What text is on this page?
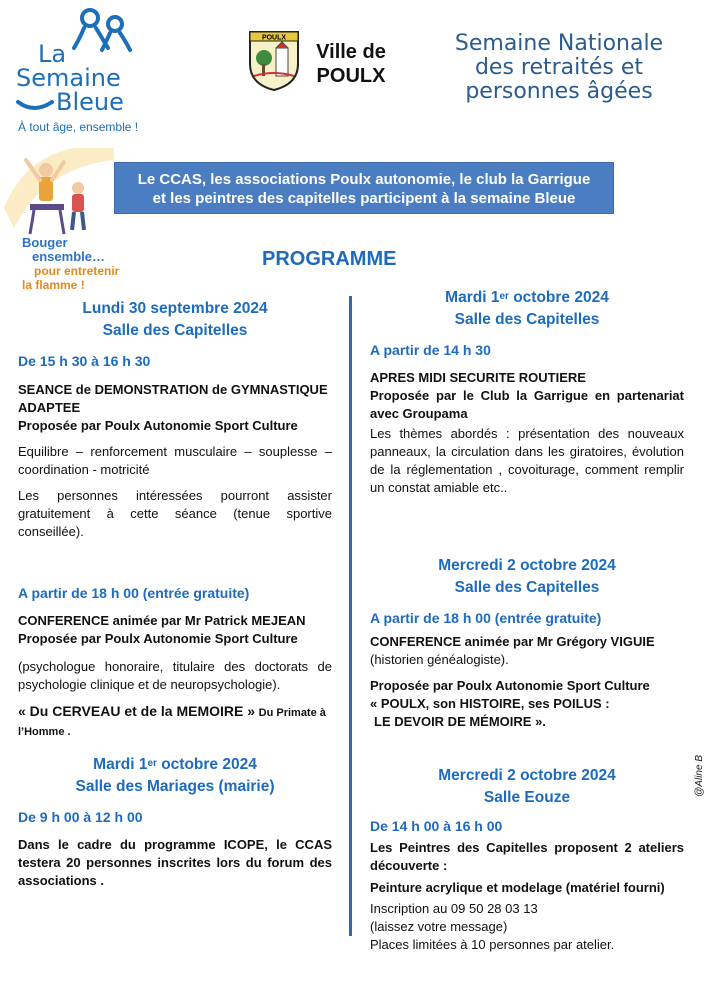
La
Semaine
Bleue
À tout âge, ensemble !
POULX
Ville de
POULX
Semaine Nationale
des retraités et
personnes âgées
Le CCAS, les associations Poulx autonomie, le club la Garrigue
et les peintres des capitelles participent à la semaine Bleue
Bouger
ensemble…
pour entretenir
la flamme !
PROGRAMME
Lundi 30 septembre 2024
Salle des Capitelles
De 15 h 30 à 16 h 30

SEANCE de DEMONSTRATION de GYMNASTIQUE ADAPTEE

Proposée par Poulx Autonomie Sport Culture

Equilibre – renforcement musculaire – souplesse – coordination - motricité

Les personnes intéressées pourront assister gratuitement à cette séance (tenue sportive conseillée).

A partir de 18 h 00 (entrée gratuite)

CONFERENCE animée par Mr Patrick MEJEAN

Proposée par Poulx Autonomie Sport Culture

(psychologue honoraire, titulaire des doctorats de psychologie clinique et de neuropsychologie).

« Du CERVEAU et de la MEMOIRE » Du Primate à l’Homme .

Mardi 1er octobre 2024
Salle des Mariages (mairie)
De 9 h 00 à 12 h 00

Dans le cadre du programme ICOPE, le CCAS testera 20 personnes inscrites lors du forum des associations .

Mardi 1er octobre 2024
Salle des Capitelles
A partir de 14 h 30

APRES MIDI SECURITE ROUTIERE

Proposée par le Club la Garrigue en partenariat avec Groupama

Les thèmes abordés : présentation des nouveaux panneaux, la circulation dans les giratoires, évolution de la réglementation , covoiturage, comment remplir un constat amiable etc..

Mercredi 2 octobre 2024
Salle des Capitelles
A partir de 18 h 00 (entrée gratuite)

CONFERENCE animée par Mr Grégory VIGUIE

(historien généalogiste).

Proposée par Poulx Autonomie Sport Culture

« POULX, son HISTOIRE, ses POILUS :

LE DEVOIR DE MÉMOIRE ».

Mercredi 2 octobre 2024
Salle Eouze
De 14 h 00 à 16 h 00

Les Peintres des Capitelles proposent 2 ateliers découverte :

Peinture acrylique et modelage (matériel fourni)

Inscription au 09 50 28 03 13

(laissez votre message)

Places limitées à 10 personnes par atelier.

@Aline B
